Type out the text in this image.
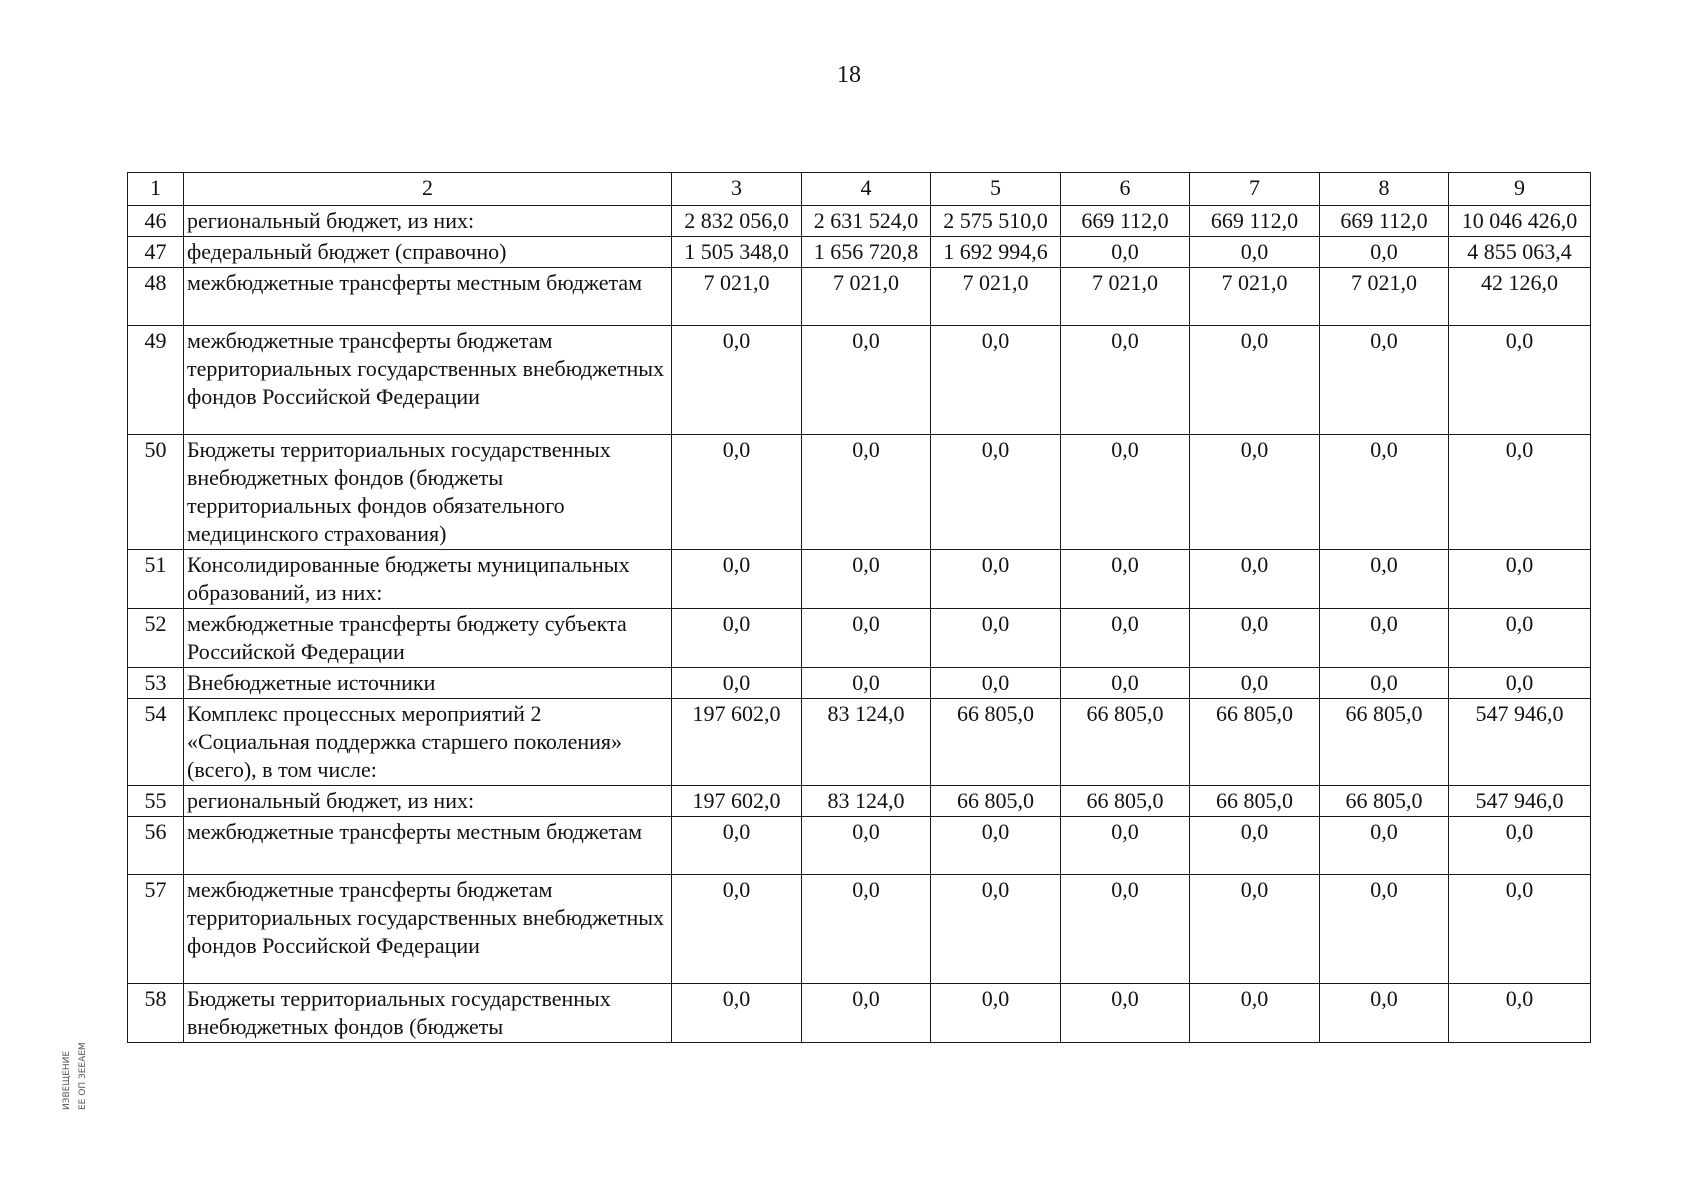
18
1	2	3	4	5	6	7	8	9
46	региональный бюджет, из них:	2 832 056,0	2 631 524,0	2 575 510,0	669 112,0	669 112,0	669 112,0	10 046 426,0
47	федеральный бюджет (справочно)	1 505 348,0	1 656 720,8	1 692 994,6	0,0	0,0	0,0	4 855 063,4
48	межбюджетные трансферты местным бюджетам	7 021,0	7 021,0	7 021,0	7 021,0	7 021,0	7 021,0	42 126,0
49	межбюджетные трансферты бюджетам территориальных государственных внебюджетных фондов Российской Федерации	0,0	0,0	0,0	0,0	0,0	0,0	0,0
50	Бюджеты территориальных государственных внебюджетных фондов (бюджеты территориальных фондов обязательного медицинского страхования)	0,0	0,0	0,0	0,0	0,0	0,0	0,0
51	Консолидированные бюджеты муниципальных образований, из них:	0,0	0,0	0,0	0,0	0,0	0,0	0,0
52	межбюджетные трансферты бюджету субъекта Российской Федерации	0,0	0,0	0,0	0,0	0,0	0,0	0,0
53	Внебюджетные источники	0,0	0,0	0,0	0,0	0,0	0,0	0,0
54	Комплекс процессных мероприятий 2 «Социальная поддержка старшего поколения» (всего), в том числе:	197 602,0	83 124,0	66 805,0	66 805,0	66 805,0	66 805,0	547 946,0
55	региональный бюджет, из них:	197 602,0	83 124,0	66 805,0	66 805,0	66 805,0	66 805,0	547 946,0
56	межбюджетные трансферты местным бюджетам	0,0	0,0	0,0	0,0	0,0	0,0	0,0
57	межбюджетные трансферты бюджетам территориальных государственных внебюджетных фондов Российской Федерации	0,0	0,0	0,0	0,0	0,0	0,0	0,0
58	Бюджеты территориальных государственных внебюджетных фондов (бюджеты	0,0	0,0	0,0	0,0	0,0	0,0	0,0
ИЗВЕЩЕНИЕ ЕЕ ОП ЗЕЕАЕМ
